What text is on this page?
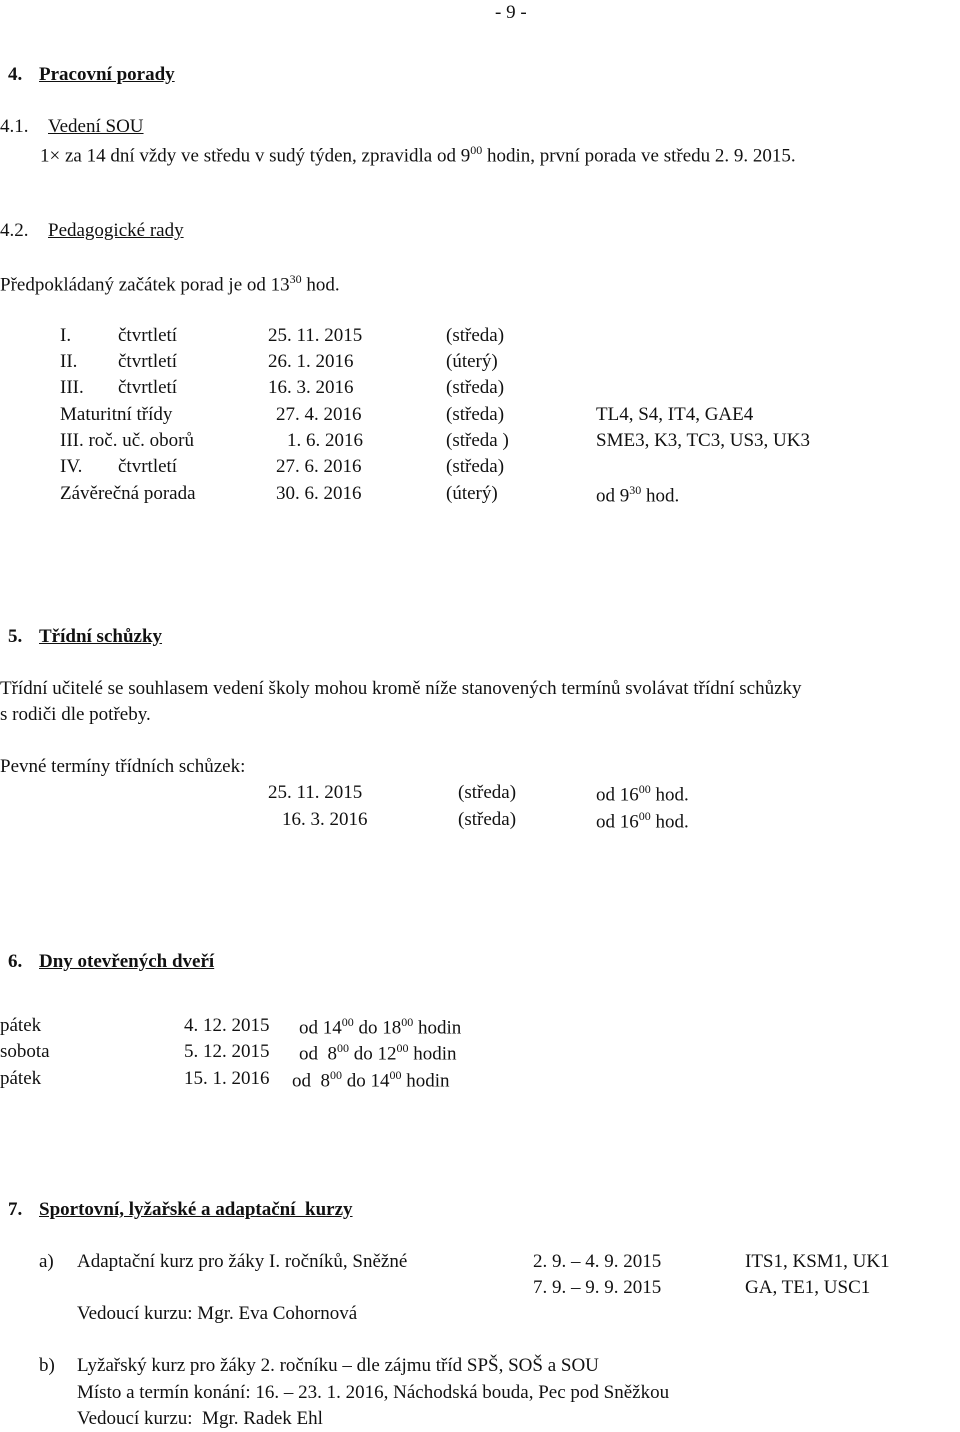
- 9 -
4. Pracovní porady
4.1. Vedení SOU
1× za 14 dní vždy ve středu v sudý týden, zpravidla od $9^{00}$ hodin, první porada ve středu 2. 9. 2015.
4.2. Pedagogické rady
Předpokládaný začátek porad je od $13^{30}$ hod.
I. čtvrtletí	25. 11. 2015	(středa)
II. čtvrtletí	26. 1. 2016	(úterý)
III. čtvrtletí	16. 3. 2016	(středa)
Maturitní třídy	27. 4. 2016	(středa)	TL4, S4, IT4, GAE4
III. roč. uč. oborů	1. 6. 2016	(středa )	SME3, K3, TC3, US3, UK3
IV. čtvrtletí	27. 6. 2016	(středa)
Závěrečná porada	30. 6. 2016	(úterý)	od $9^{30}$ hod.
5. Třídní schůzky
Třídní učitelé se souhlasem vedení školy mohou kromě níže stanovených termínů svolávat třídní schůzky
s rodiči dle potřeby.
Pevné termíny třídních schůzek:
25. 11. 2015	(středa)	od $16^{00}$ hod.
16. 3. 2016	(středa)	od $16^{00}$ hod.
6. Dny otevřených dveří
pátek	4. 12. 2015 od $14^{00}$ do $18^{00}$ hodin
sobota	5. 12. 2015 od  $8^{00}$ do $12^{00}$ hodin
pátek	15. 1. 2016 od  $8^{00}$ do $14^{00}$ hodin
7. Sportovní, lyžařské a adaptační  kurzy
a) Adaptační kurz pro žáky I. ročníků, Sněžné	2. 9. – 4. 9. 2015	ITS1, KSM1, UK1
7. 9. – 9. 9. 2015	GA, TE1, USC1
Vedoucí kurzu: Mgr. Eva Cohornová
b) Lyžařský kurz pro žáky 2. ročníku – dle zájmu tříd SPŠ, SOŠ a SOU
Místo a termín konání: 16. – 23. 1. 2016, Náchodská bouda, Pec pod Sněžkou
Vedoucí kurzu:  Mgr. Radek Ehl
